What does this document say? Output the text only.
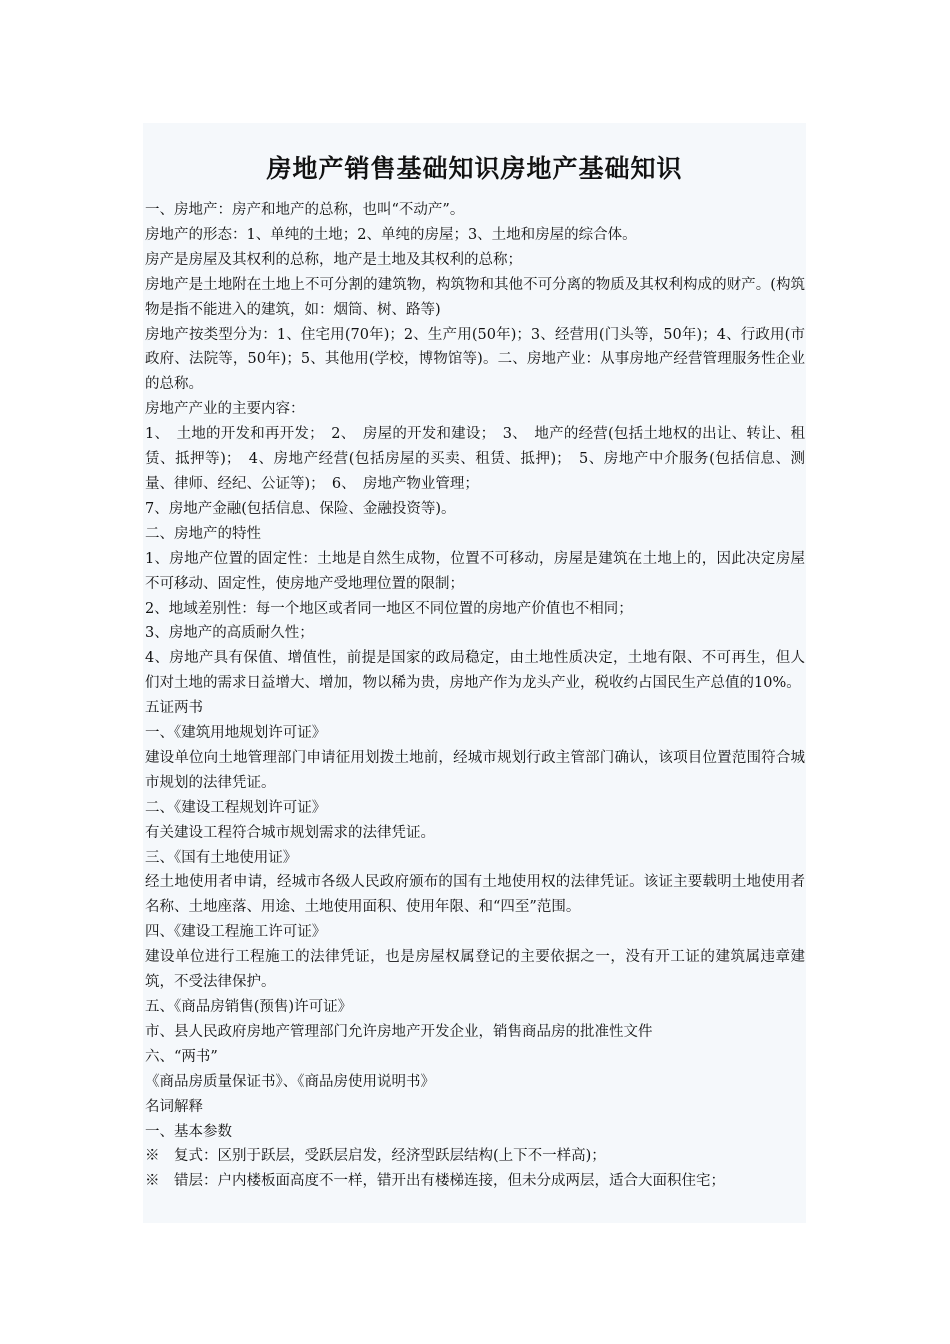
房地产销售基础知识房地产基础知识

一、房地产：房产和地产的总称，也叫“不动产”。

房地产的形态：1、单纯的土地；2、单纯的房屋；3、土地和房屋的综合体。

房产是房屋及其权利的总称，地产是土地及其权利的总称；

房地产是土地附在土地上不可分割的建筑物，构筑物和其他不可分离的物质及其权利构成的财产。(构筑物是指不能进入的建筑，如：烟筒、树、路等)

房地产按类型分为：1、住宅用(70年)；2、生产用(50年)；3、经营用(门头等，50年)；4、行政用(市政府、法院等，50年)；5、其他用(学校，博物馆等)。二、房地产业：从事房地产经营管理服务性企业的总称。

房地产产业的主要内容：

1、　土地的开发和再开发；　2、　房屋的开发和建设；　3、　地产的经营(包括土地权的出让、转让、租赁、抵押等)；　4、房地产经营(包括房屋的买卖、租赁、抵押)；　5、房地产中介服务(包括信息、测量、律师、经纪、公证等)；　6、　房地产物业管理；

7、房地产金融(包括信息、保险、金融投资等)。

二、房地产的特性

1、房地产位置的固定性：土地是自然生成物，位置不可移动，房屋是建筑在土地上的，因此决定房屋不可移动、固定性，使房地产受地理位置的限制；

2、地域差别性：每一个地区或者同一地区不同位置的房地产价值也不相同；

3、房地产的高质耐久性；

4、房地产具有保值、增值性，前提是国家的政局稳定，由土地性质决定，土地有限、不可再生，但人们对土地的需求日益增大、增加，物以稀为贵，房地产作为龙头产业，税收约占国民生产总值的10%。

五证两书

一、《建筑用地规划许可证》

建设单位向土地管理部门申请征用划拨土地前，经城市规划行政主管部门确认，该项目位置范围符合城市规划的法律凭证。

二、《建设工程规划许可证》

有关建设工程符合城市规划需求的法律凭证。

三、《国有土地使用证》

经土地使用者申请，经城市各级人民政府颁布的国有土地使用权的法律凭证。该证主要载明土地使用者名称、土地座落、用途、土地使用面积、使用年限、和“四至”范围。

四、《建设工程施工许可证》

建设单位进行工程施工的法律凭证，也是房屋权属登记的主要依据之一，没有开工证的建筑属违章建筑，不受法律保护。

五、《商品房销售(预售)许可证》

市、县人民政府房地产管理部门允许房地产开发企业，销售商品房的批准性文件

六、“两书”

《商品房质量保证书》、《商品房使用说明书》

名词解释

一、基本参数

※　复式：区别于跃层，受跃层启发，经济型跃层结构(上下不一样高)；

※　错层：户内楼板面高度不一样，错开出有楼梯连接，但未分成两层，适合大面积住宅；
